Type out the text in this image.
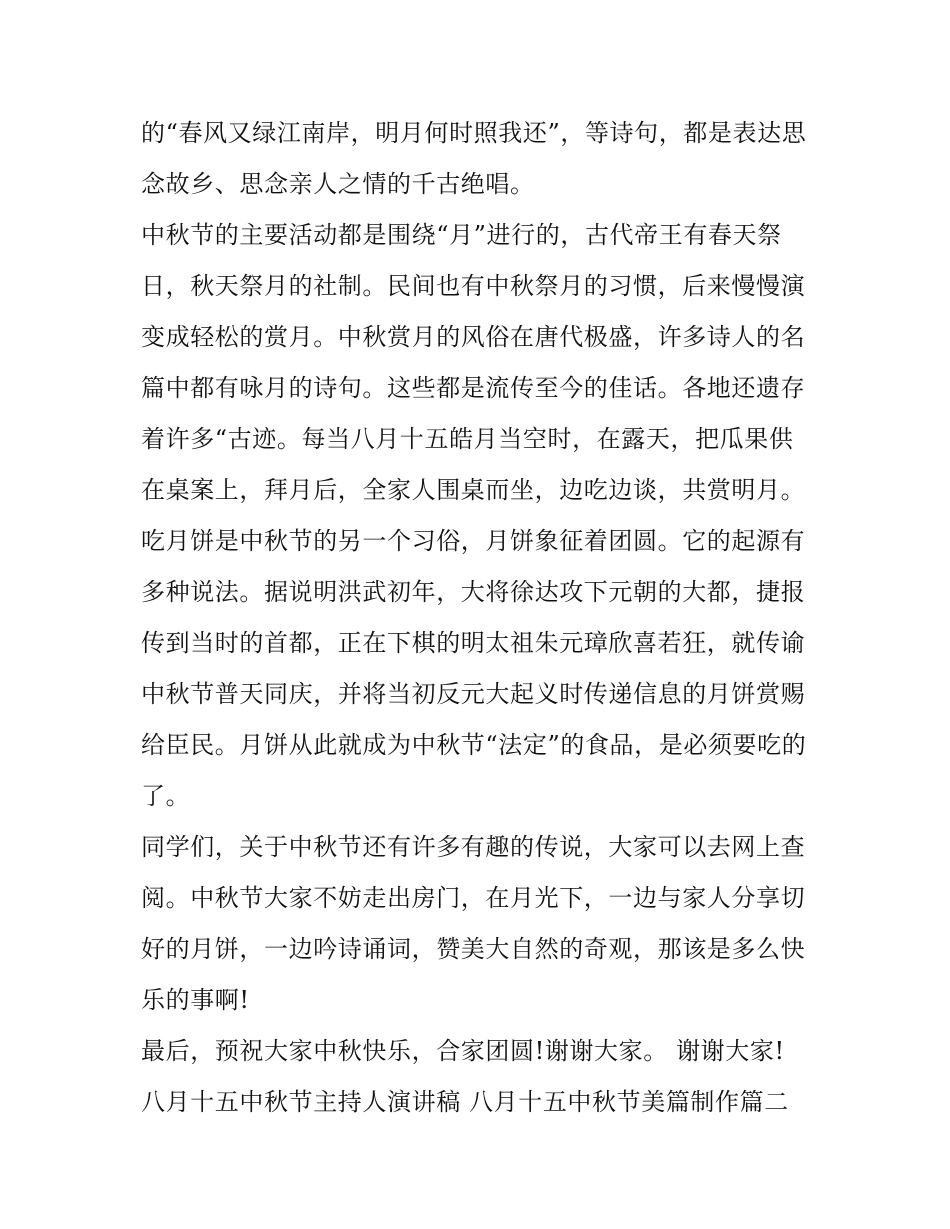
的“春风又绿江南岸，明月何时照我还”，等诗句，都是表达思
念故乡、思念亲人之情的千古绝唱。
中秋节的主要活动都是围绕“月”进行的，古代帝王有春天祭
日，秋天祭月的社制。民间也有中秋祭月的习惯，后来慢慢演
变成轻松的赏月。中秋赏月的风俗在唐代极盛，许多诗人的名
篇中都有咏月的诗句。这些都是流传至今的佳话。各地还遗存
着许多“古迹。每当八月十五皓月当空时，在露天，把瓜果供
在桌案上，拜月后，全家人围桌而坐，边吃边谈，共赏明月。
吃月饼是中秋节的另一个习俗，月饼象征着团圆。它的起源有
多种说法。据说明洪武初年，大将徐达攻下元朝的大都，捷报
传到当时的首都，正在下棋的明太祖朱元璋欣喜若狂，就传谕
中秋节普天同庆，并将当初反元大起义时传递信息的月饼赏赐
给臣民。月饼从此就成为中秋节“法定”的食品，是必须要吃的
了。
同学们，关于中秋节还有许多有趣的传说，大家可以去网上查
阅。中秋节大家不妨走出房门，在月光下，一边与家人分享切
好的月饼，一边吟诗诵词，赞美大自然的奇观，那该是多么快
乐的事啊!
最后，预祝大家中秋快乐，合家团圆!谢谢大家。 谢谢大家!
八月十五中秋节主持人演讲稿 八月十五中秋节美篇制作篇二
